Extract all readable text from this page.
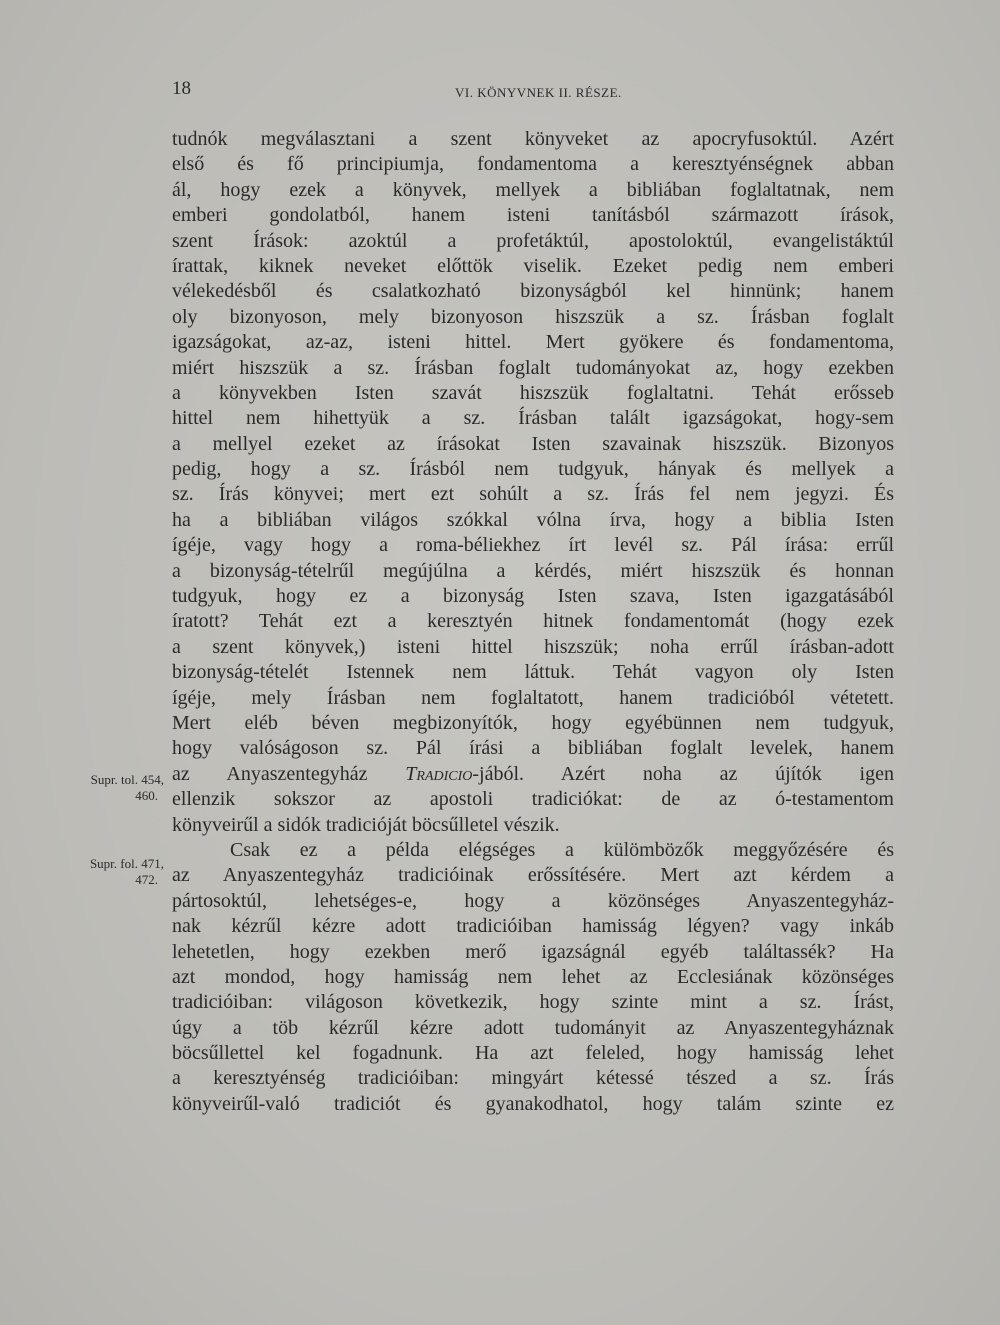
18	VI. KÖNYVNEK II. RÉSZE.
Supr. tol. 454,
460.
Supr. fol. 471,
472.
tudnók megválasztani a szent könyveket az apocryfusoktúl. Azért
első és fő principiumja, fondamentoma a keresztyénségnek abban
ál, hogy ezek a könyvek, mellyek a bibliában foglaltatnak, nem
emberi gondolatból, hanem isteni tanításból származott írások,
szent Írások: azoktúl a profetáktúl, apostoloktúl, evangelistáktúl
írattak, kiknek neveket előttök viselik. Ezeket pedig nem emberi
vélekedésből és csalatkozható bizonyságból kel hinnünk; hanem
oly bizonyoson, mely bizonyoson hiszszük a sz. Írásban foglalt
igazságokat, az-az, isteni hittel. Mert gyökere és fondamentoma,
miért hiszszük a sz. Írásban foglalt tudományokat az, hogy ezekben
a könyvekben Isten szavát hiszszük foglaltatni. Tehát erősseb
hittel nem hihettyük a sz. Írásban talált igazságokat, hogy-sem
a mellyel ezeket az írásokat Isten szavainak hiszszük. Bizonyos
pedig, hogy a sz. Írásból nem tudgyuk, hányak és mellyek a
sz. Írás könyvei; mert ezt sohúlt a sz. Írás fel nem jegyzi. És
ha a bibliában világos szókkal vólna írva, hogy a biblia Isten
ígéje, vagy hogy a roma-béliekhez írt levél sz. Pál írása: errűl
a bizonyság-tételrűl megújúlna a kérdés, miért hiszszük és honnan
tudgyuk, hogy ez a bizonyság Isten szava, Isten igazgatásából
íratott? Tehát ezt a keresztyén hitnek fondamentomát (hogy ezek
a szent könyvek,) isteni hittel hiszszük; noha errűl írásban-adott
bizonyság-tételét Istennek nem láttuk. Tehát vagyon oly Isten
ígéje, mely Írásban nem foglaltatott, hanem tradicióból vétetett.
Mert eléb béven megbizonyítók, hogy egyébünnen nem tudgyuk,
hogy valóságoson sz. Pál írási a bibliában foglalt levelek, hanem
az Anyaszentegyház Tradicio-jából. Azért noha az újítók igen
ellenzik sokszor az apostoli tradiciókat: de az ó-testamentom
könyveirűl a sidók tradicióját böcsűlletel vészik.
Csak ez a példa elégséges a külömbözők meggyőzésére és
az Anyaszentegyház tradicióinak erőssítésére. Mert azt kérdem a
pártosoktúl, lehetséges-e, hogy a közönséges Anyaszentegyház-
nak kézrűl kézre adott tradicióiban hamisság légyen? vagy inkáb
lehetetlen, hogy ezekben merő igazságnál egyéb találtassék? Ha
azt mondod, hogy hamisság nem lehet az Ecclesiának közönséges
tradicióiban: világoson következik, hogy szinte mint a sz. Írást,
úgy a töb kézrűl kézre adott tudományit az Anyaszentegyháznak
böcsűllettel kel fogadnunk. Ha azt feleled, hogy hamisság lehet
a keresztyénség tradicióiban: mingyárt kétessé tészed a sz. Írás
könyveirűl-való tradiciót és gyanakodhatol, hogy talám szinte ez
